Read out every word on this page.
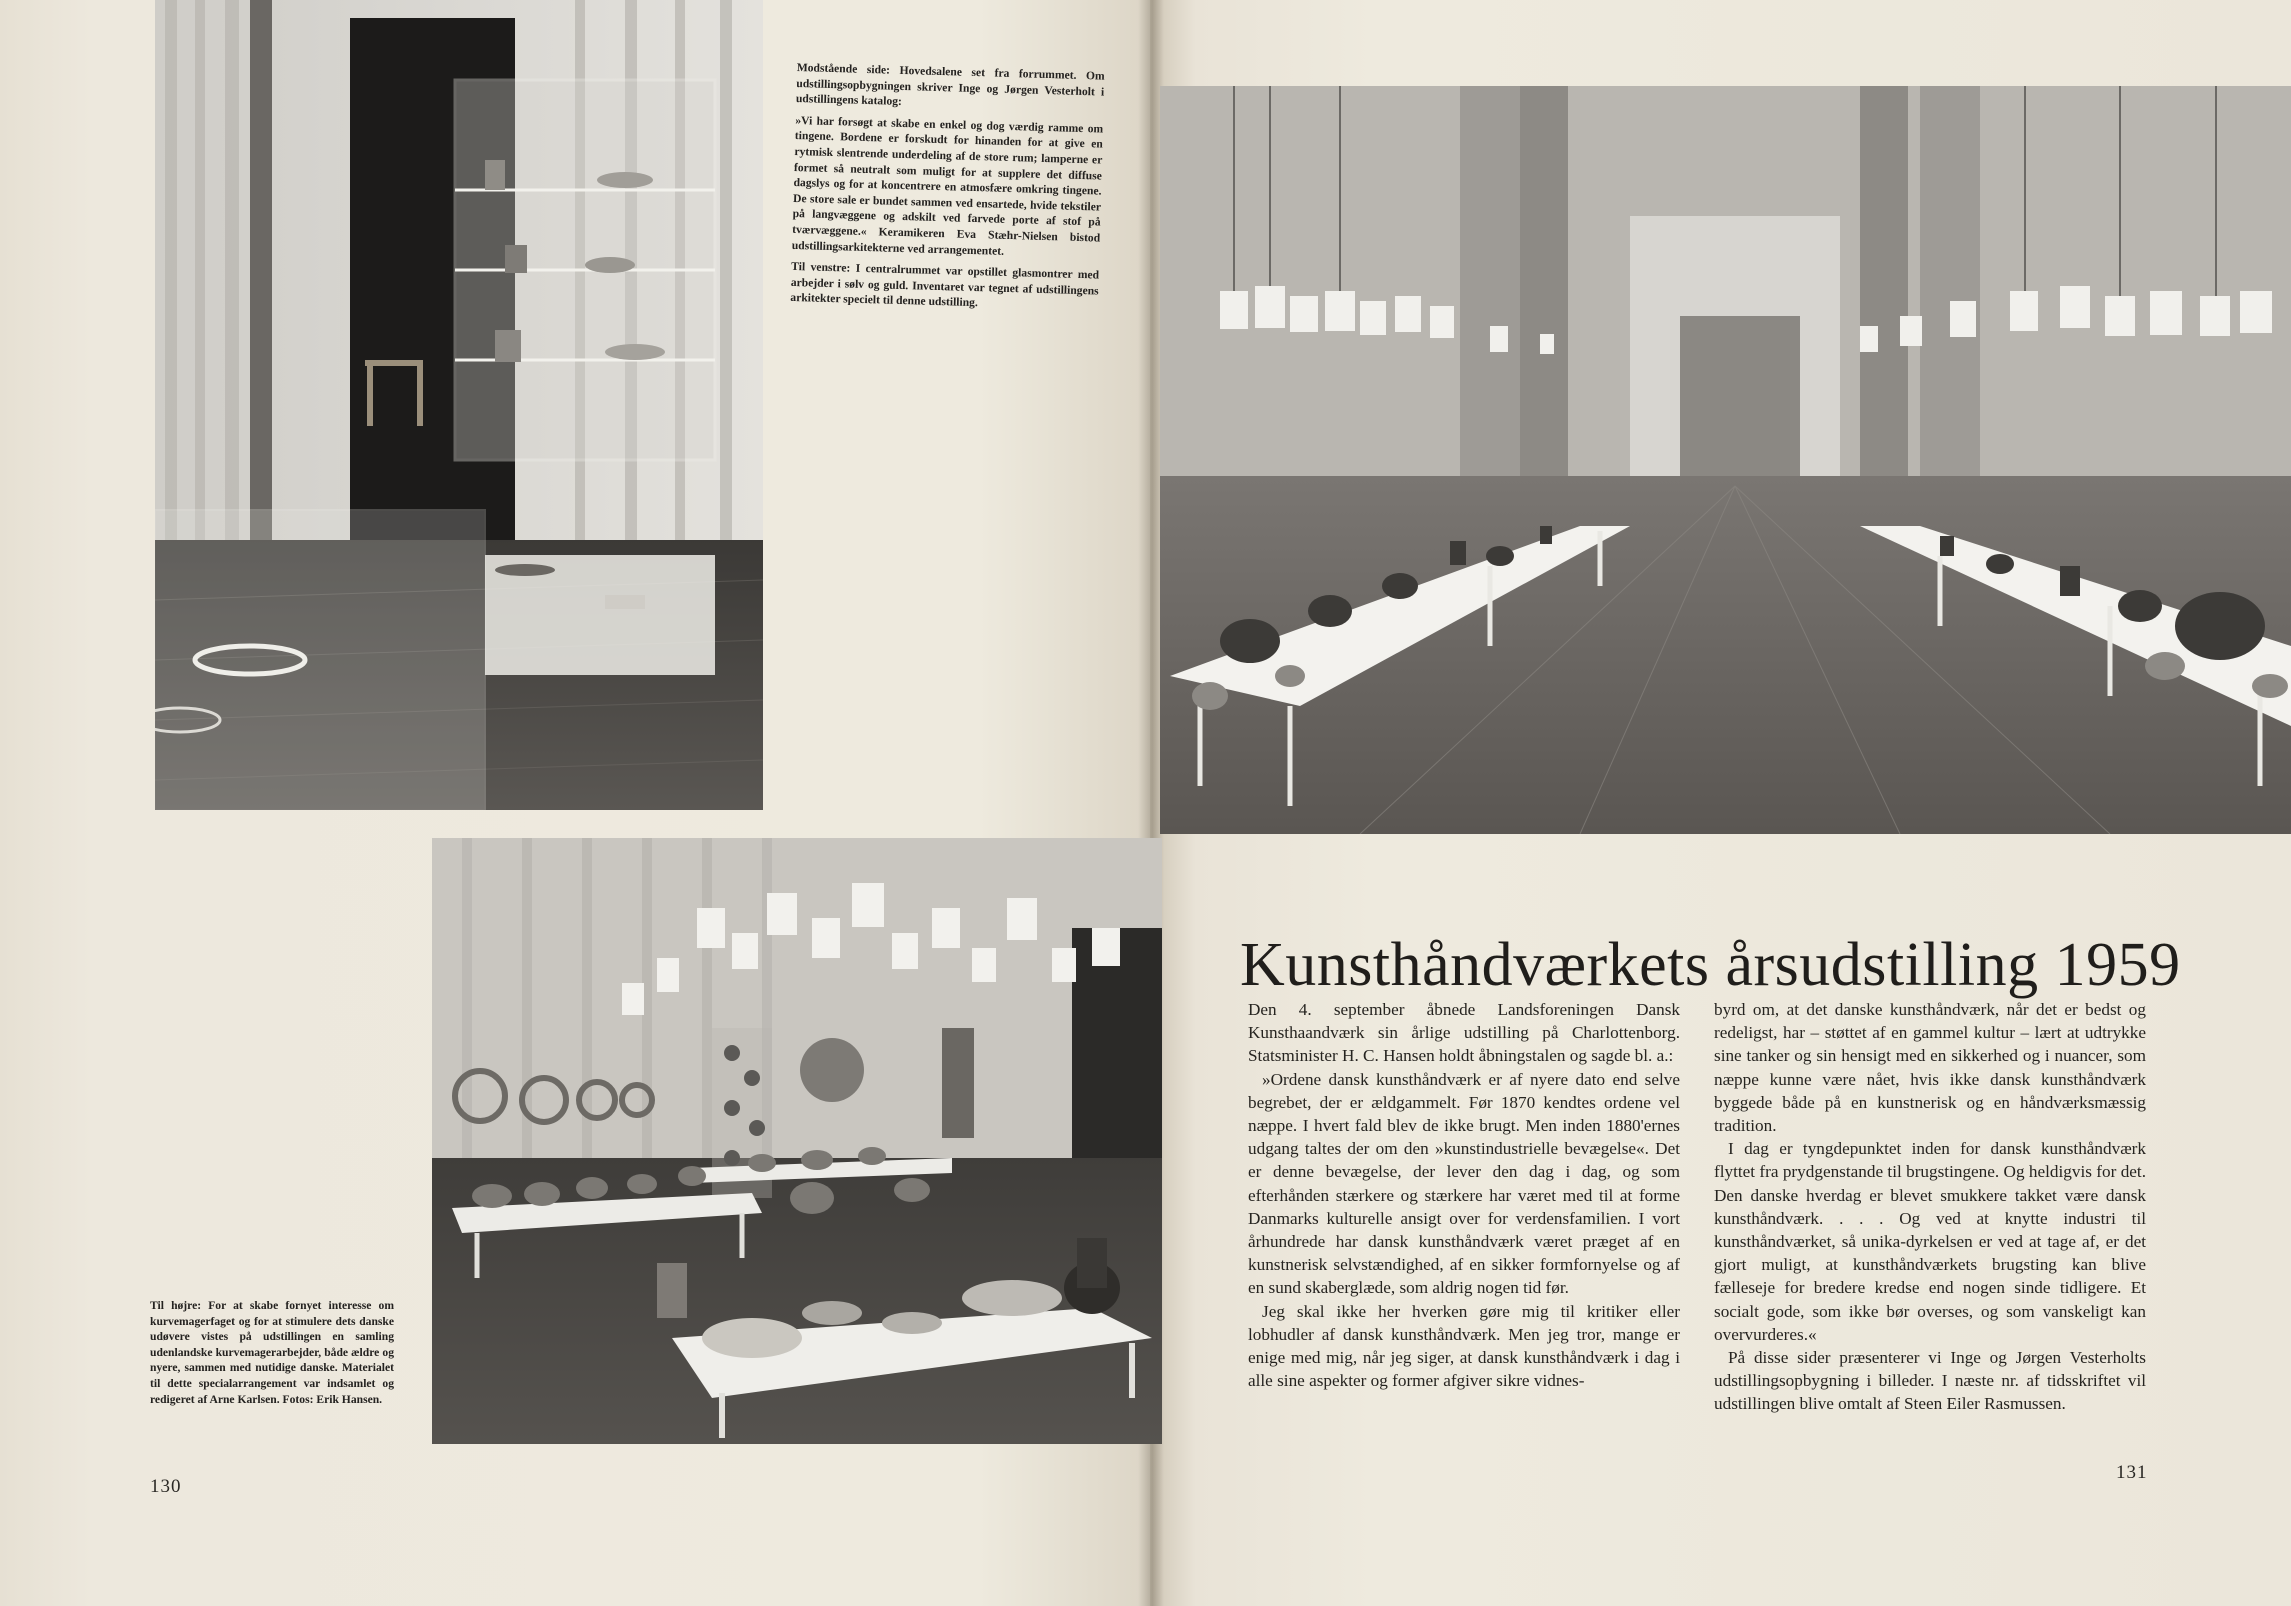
Modstående side: Hovedsalene set fra forrummet. Om udstillingsopbygningen skriver Inge og Jørgen Vesterholt i udstillingens katalog:

»Vi har forsøgt at skabe en enkel og dog værdig ramme om tingene. Bordene er forskudt for hinanden for at give en rytmisk slentrende underdeling af de store rum; lamperne er formet så neutralt som muligt for at supplere det diffuse dagslys og for at koncentrere en atmosfære omkring tingene. De store sale er bundet sammen ved ensartede, hvide tekstiler på langvæggene og adskilt ved farvede porte af stof på tværvæggene.« Keramikeren Eva Stæhr-Nielsen bistod udstillingsarkitekterne ved arrangementet.

Til venstre: I centralrummet var opstillet glasmontrer med arbejder i sølv og guld. Inventaret var tegnet af udstillingens arkitekter specielt til denne udstilling.

Til højre: For at skabe fornyet interesse om kurvemagerfaget og for at stimulere dets danske udøvere vistes på udstillingen en samling udenlandske kurvemagerarbejder, både ældre og nyere, sammen med nutidige danske. Materialet til dette specialarrangement var indsamlet og redigeret af Arne Karlsen. Fotos: Erik Hansen.

Kunsthåndværkets årsudstilling 1959

Den 4. september åbnede Landsforeningen Dansk Kunsthaandværk sin årlige udstilling på Charlottenborg. Statsminister H. C. Hansen holdt åbningstalen og sagde bl. a.:

»Ordene dansk kunsthåndværk er af nyere dato end selve begrebet, der er ældgammelt. Før 1870 kendtes ordene vel næppe. I hvert fald blev de ikke brugt. Men inden 1880'ernes udgang taltes der om den »kunstindustrielle bevægelse«. Det er denne bevægelse, der lever den dag i dag, og som efterhånden stærkere og stærkere har været med til at forme Danmarks kulturelle ansigt over for verdensfamilien. I vort århundrede har dansk kunsthåndværk været præget af en kunstnerisk selvstændighed, af en sikker formfornyelse og af en sund skaberglæde, som aldrig nogen tid før.

Jeg skal ikke her hverken gøre mig til kritiker eller lobhudler af dansk kunsthåndværk. Men jeg tror, mange er enige med mig, når jeg siger, at dansk kunsthåndværk i dag i alle sine aspekter og former afgiver sikre vidnes-

byrd om, at det danske kunsthåndværk, når det er bedst og redeligst, har – støttet af en gammel kultur – lært at udtrykke sine tanker og sin hensigt med en sikkerhed og i nuancer, som næppe kunne være nået, hvis ikke dansk kunsthåndværk byggede både på en kunstnerisk og en håndværksmæssig tradition.

I dag er tyngdepunktet inden for dansk kunsthåndværk flyttet fra prydgenstande til brugstingene. Og heldigvis for det. Den danske hverdag er blevet smukkere takket være dansk kunsthåndværk. . . . Og ved at knytte industri til kunsthåndværket, så unika-dyrkelsen er ved at tage af, er det gjort muligt, at kunsthåndværkets brugsting kan blive fælleseje for bredere kredse end nogen sinde tidligere. Et socialt gode, som ikke bør overses, og som vanskeligt kan overvurderes.«

På disse sider præsenterer vi Inge og Jørgen Vesterholts udstillingsopbygning i billeder. I næste nr. af tidsskriftet vil udstillingen blive omtalt af Steen Eiler Rasmussen.

130
131
